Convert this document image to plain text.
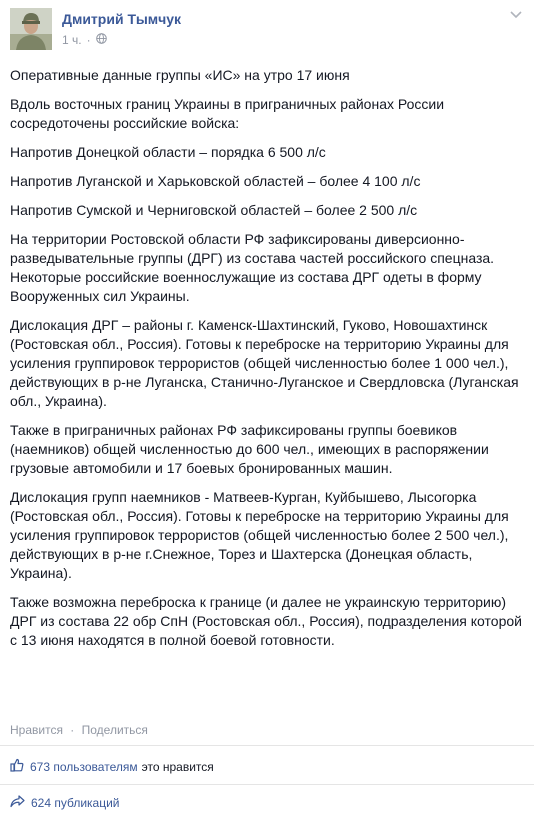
Дмитрий Тымчук
1 ч. ·

Оперативные данные группы «ИС» на утро 17 июня

Вдоль восточных границ Украины в приграничных районах России сосредоточены российские войска:

Напротив Донецкой области – порядка 6 500 л/с

Напротив Луганской и Харьковской областей – более 4 100 л/с

Напротив Сумской и Черниговской областей – более 2 500 л/с

На территории Ростовской области РФ зафиксированы диверсионно-разведывательные группы (ДРГ) из состава частей российского спецназа. Некоторые российские военнослужащие из состава ДРГ одеты в форму Вооруженных сил Украины.

Дислокация ДРГ – районы г. Каменск-Шахтинский, Гуково, Новошахтинск (Ростовская обл., Россия). Готовы к переброске на территорию Украины для усиления группировок террористов (общей численностью более 1 000 чел.), действующих в р-не Луганска, Станично-Луганское и Свердловска (Луганская обл., Украина).

Также в приграничных районах РФ зафиксированы группы боевиков (наемников) общей численностью до 600 чел., имеющих в распоряжении грузовые автомобили и 17 боевых бронированных машин.

Дислокация групп наемников - Матвеев-Курган, Куйбышево, Лысогорка (Ростовская обл., Россия). Готовы к переброске на территорию Украины для усиления группировок террористов (общей численностью более 2 500 чел.), действующих в р-не г.Снежное, Торез и Шахтерска (Донецкая область, Украина).

Также возможна переброска к границе (и далее не украинскую территорию) ДРГ из состава 22 обр СпН (Ростовская обл., Россия), подразделения которой с 13 июня находятся в полной боевой готовности.

Нравится · Поделиться
673 пользователям это нравится
624 публикаций
